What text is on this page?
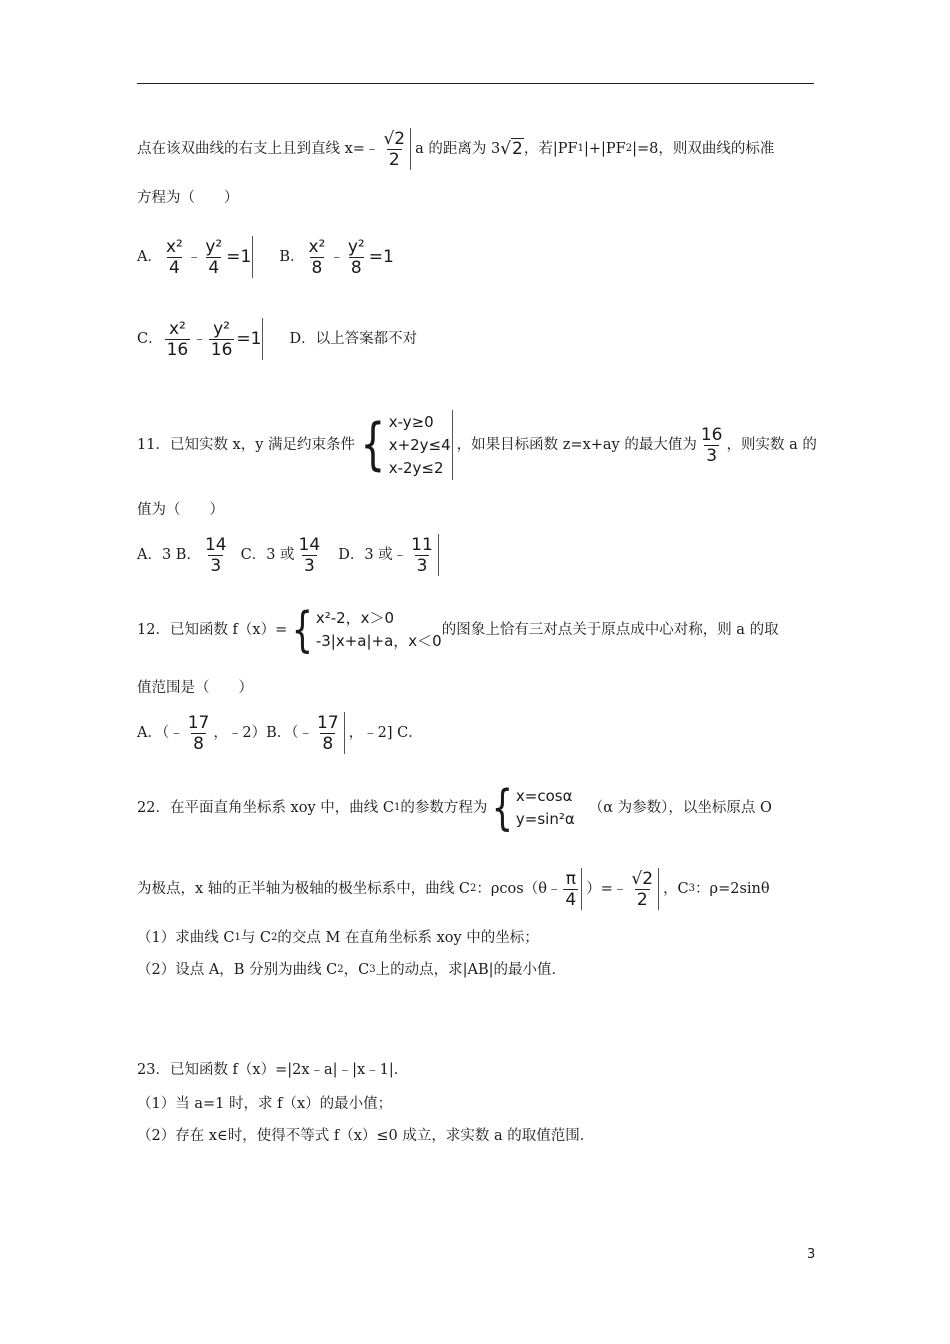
点在该双曲线的右支上且到直线 x=﹣ $\frac{√2}{2}$ a 的距离为 3 √2 ，若|PF 1 |+|PF 2 |=8，则双曲线的标准
方程为（　　）
A． $\frac{\text{x²}}{4}$ ﹣ $\frac{\text{y²}}{4} =1$ B． $\frac{\text{x²}}{8}$ ﹣ $\frac{\text{y²}}{8} =1$
C． $\frac{\text{x²}}{16}$ ﹣ $\frac{\text{y²}}{16} =1$ D．以上答案都不对
11．已知实数 x，y 满足约束条件 { x-y≥0
x+2y≤4
x-2y≤2
，如果目标函数 z=x+ay 的最大值为 $\frac{16}{3}$ ，则实数 a 的
值为（　　）
A．3 B． $\frac{14}{3}$ C．3 或 $\frac{14}{3}$ D．3 或﹣ $\frac{11}{3}$
12．已知函数 f（x）= { x²-2，x＞0
-3|x+a|+a，x＜0
的图象上恰有三对点关于原点成中心对称，则 a 的取
值范围是（　　）
A．（﹣ $\frac{17}{8}$ ，﹣2）B．（﹣ $\frac{17}{8}$ ，﹣2] C．
22．在平面直角坐标系 xoy 中，曲线 C 1 的参数方程为 { x=cosα
y=sin²α
（α 为参数），以坐标原点 O
为极点，x 轴的正半轴为极轴的极坐标系中，曲线 C 2 ：ρcos（θ﹣ $\frac{\pi}{4}$ ）=﹣ $\frac{√2}{2}$ ，C 3 ：ρ=2sinθ
（1）求曲线 C 1 与 C 2 的交点 M 在直角坐标系 xoy 中的坐标；
（2）设点 A，B 分别为曲线 C 2 ，C 3 上的动点，求|AB|的最小值．
23．已知函数 f（x）=|2x﹣a|﹣|x﹣1|．
（1）当 a=1 时，求 f（x）的最小值；
（2）存在 x∈时，使得不等式 f（x）≤0 成立，求实数 a 的取值范围．
3
